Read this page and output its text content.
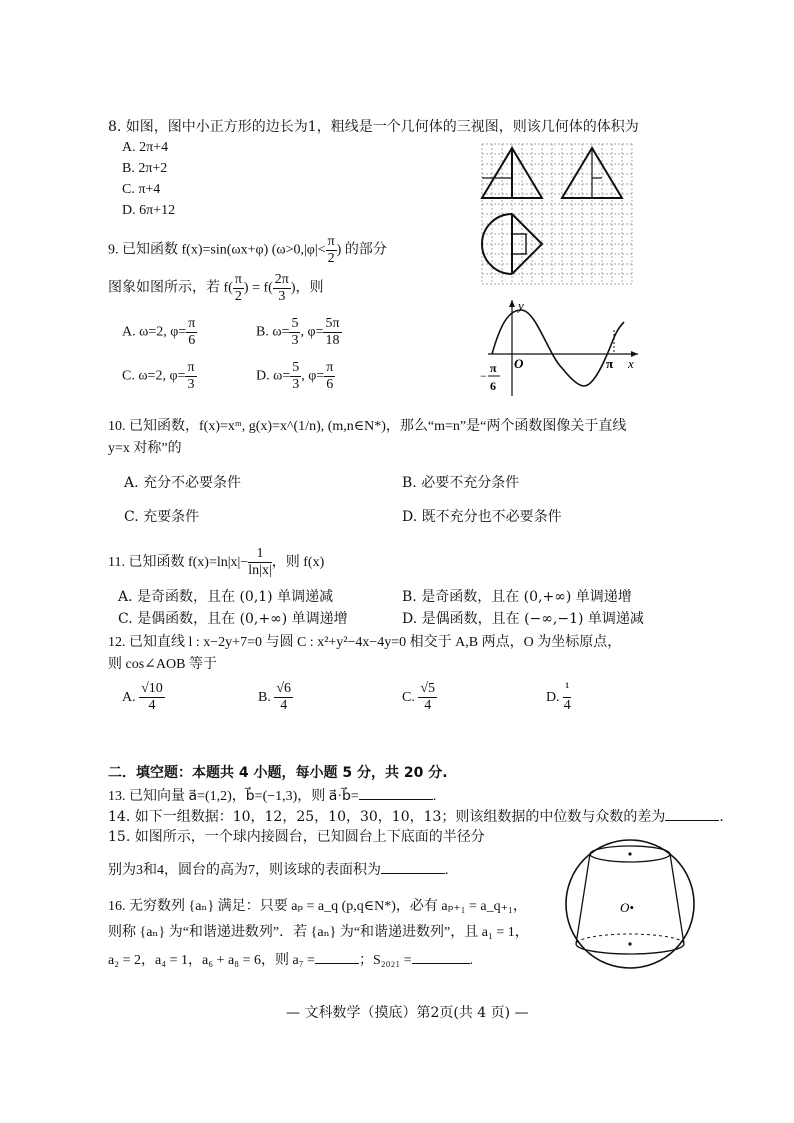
8. 如图，图中小正方形的边长为1，粗线是一个几何体的三视图，则该几何体的体积为
A. 2π+4
B. 2π+2
C. π+4
D. 6π+12
9. 已知函数 f(x)=sin(ωx+φ) ($\omega>0,|\varphi|< \frac{\pi}{2}$ ) 的部分
图象如图所示，若 $f( \frac{\pi}{2}$ ) = $f( \frac{2\pi}{3}$ )，则
A. ω=2, $\varphi= \frac{\pi}{6}$	B. $\omega= \frac{5}{3}$ , $\varphi= \frac{5\pi}{18}$
C. ω=2, $\varphi= \frac{\pi}{3}$	D. $\omega= \frac{5}{3}$ , $\varphi= \frac{\pi}{6}$
y
x
O	π
−
π
6
10. 已知函数，f(x)=xᵐ, g(x)=x^(1/n), (m,n∈N*)，那么“m=n”是“两个函数图像关于直线
y=x 对称”的
A. 充分不必要条件	B. 必要不充分条件
C. 充要条件	D. 既不充分也不必要条件
11. 已知函数 $f(x)=\ln|x|- \frac{1}{\ln|x|}$ ，则 f(x)
A. 是奇函数，且在 (0,1) 单调递减	B. 是奇函数，且在 (0,+∞) 单调递增
C. 是偶函数，且在 (0,+∞) 单调递增	D. 是偶函数，且在 (−∞,−1) 单调递减
12. 已知直线 l : x−2y+7=0 与圆 C : x²+y²−4x−4y=0 相交于 A,B 两点，O 为坐标原点，
则 cos∠AOB 等于
A. $\frac{√10}{4}$	B. $\frac{√6}{4}$	C. $\frac{√5}{4}$	D. $\frac{\text{¹}}{4}$
二．填空题：本题共 4 小题，每小题 5 分，共 20 分.
13. 已知向量 a⃗=(1,2)，b⃗=(−1,3)，则 a⃗·b⃗=	.
14. 如下一组数据：10，12，25，10，30，10，13；则该组数据的中位数与众数的差为	.
15. 如图所示，一个球内接圆台，已知圆台上下底面的半径分
别为3和4，圆台的高为7，则该球的表面积为	.
O•
16. 无穷数列 {aₙ} 满足：只要 aₚ = a_q (p,q∈N*)，必有 aₚ₊₁ = a_q₊₁，
则称 {aₙ} 为“和谐递进数列”．若 {aₙ} 为“和谐递进数列”，且 a₁ = 1，
a₂ = 2，a₄ = 1，a₆ + a₈ = 6，则 a₇ =	；S₂₀₂₁ =	.
— 文科数学（摸底）第2页(共 4 页) —
